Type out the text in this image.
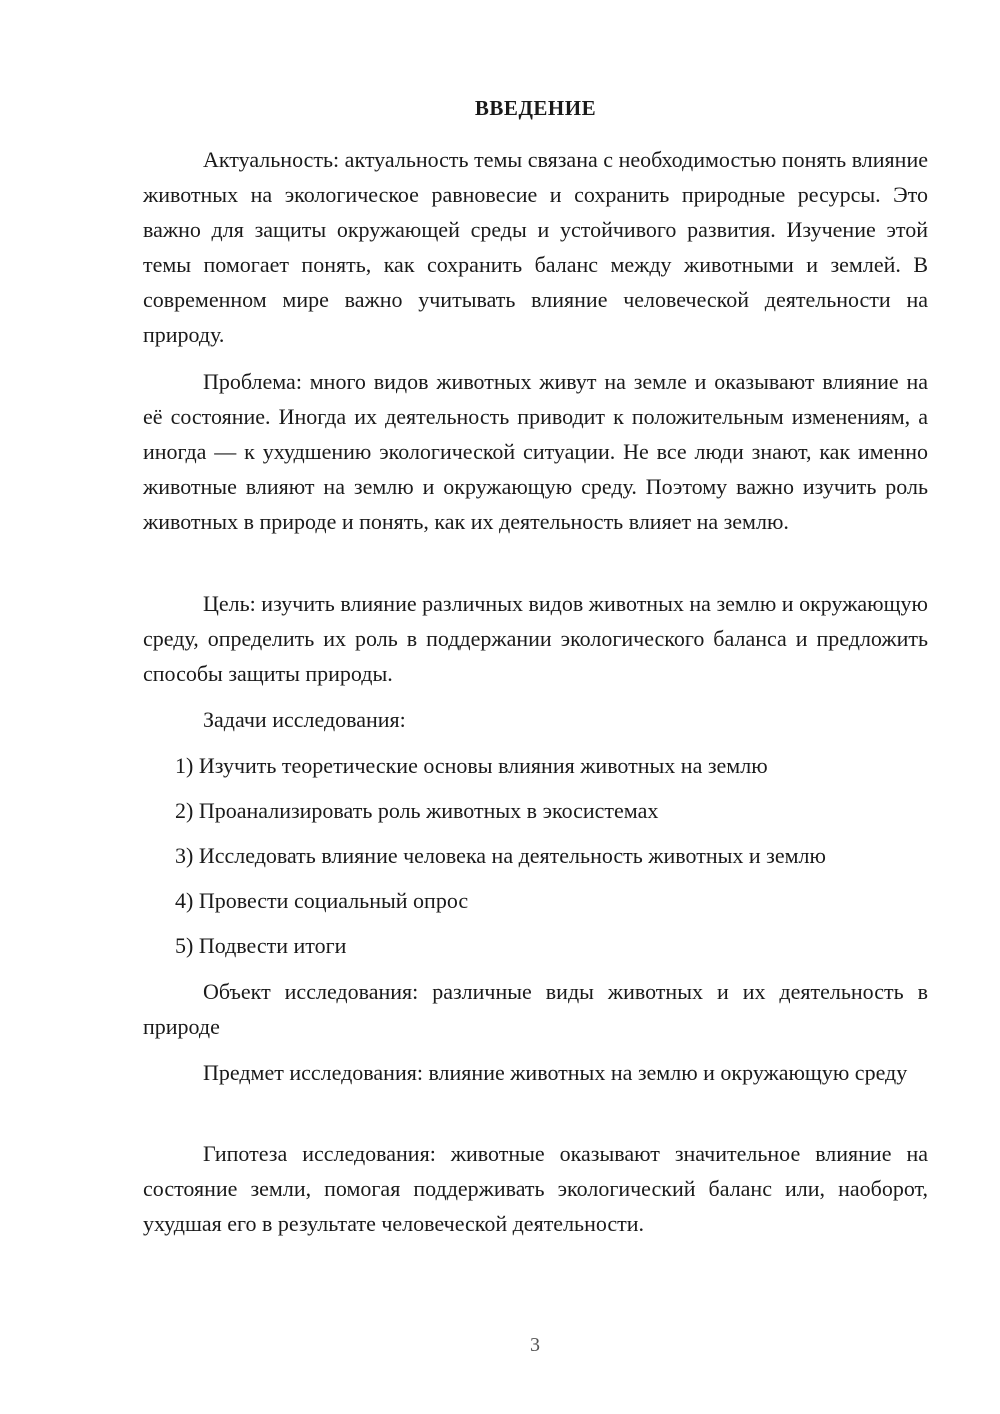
ВВЕДЕНИЕ

Актуальность: актуальность темы связана с необходимостью понять влияние животных на экологическое равновесие и сохранить природные ресурсы. Это важно для защиты окружающей среды и устойчивого развития. Изучение этой темы помогает понять, как сохранить баланс между животными и землей. В современном мире важно учитывать влияние человеческой деятельности на природу.

Проблема: много видов животных живут на земле и оказывают влияние на её состояние. Иногда их деятельность приводит к положительным изменениям, а иногда — к ухудшению экологической ситуации. Не все люди знают, как именно животные влияют на землю и окружающую среду. Поэтому важно изучить роль животных в природе и понять, как их деятельность влияет на землю.

Цель: изучить влияние различных видов животных на землю и окружающую среду, определить их роль в поддержании экологического баланса и предложить способы защиты природы.

Задачи исследования:

1) Изучить теоретические основы влияния животных на землю

2) Проанализировать роль животных в экосистемах

3) Исследовать влияние человека на деятельность животных и землю

4) Провести социальный опрос

5) Подвести итоги

Объект исследования: различные виды животных и их деятельность в природе

Предмет исследования: влияние животных на землю и окружающую среду

Гипотеза исследования: животные оказывают значительное влияние на состояние земли, помогая поддерживать экологический баланс или, наоборот, ухудшая его в результате человеческой деятельности.

3
